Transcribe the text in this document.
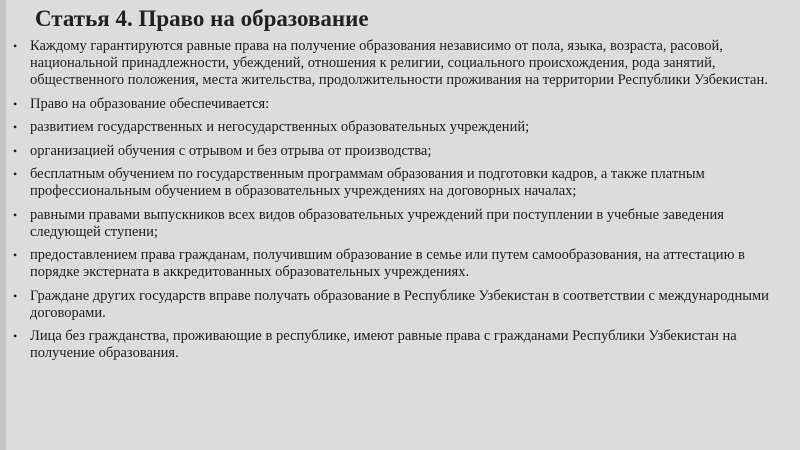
Статья 4. Право на образование
• Каждому гарантируются равные права на получение образования независимо от пола, языка, возраста, расовой, национальной принадлежности, убеждений, отношения к религии, социального происхождения, рода занятий, общественного положения, места жительства, продолжительности проживания на территории Республики Узбекистан.
• Право на образование обеспечивается:
• развитием государственных и негосударственных образовательных учреждений;
• организацией обучения с отрывом и без отрыва от производства;
• бесплатным обучением по государственным программам образования и подготовки кадров, а также платным профессиональным обучением в образовательных учреждениях на договорных началах;
• равными правами выпускников всех видов образовательных учреждений при поступлении в учебные заведения следующей ступени;
• предоставлением права гражданам, получившим образование в семье или путем самообразования, на аттестацию в порядке экстерната в аккредитованных образовательных учреждениях.
• Граждане других государств вправе получать образование в Республике Узбекистан в соответствии с международными договорами.
• Лица без гражданства, проживающие в республике, имеют равные права с гражданами Республики Узбекистан на получение образования.
